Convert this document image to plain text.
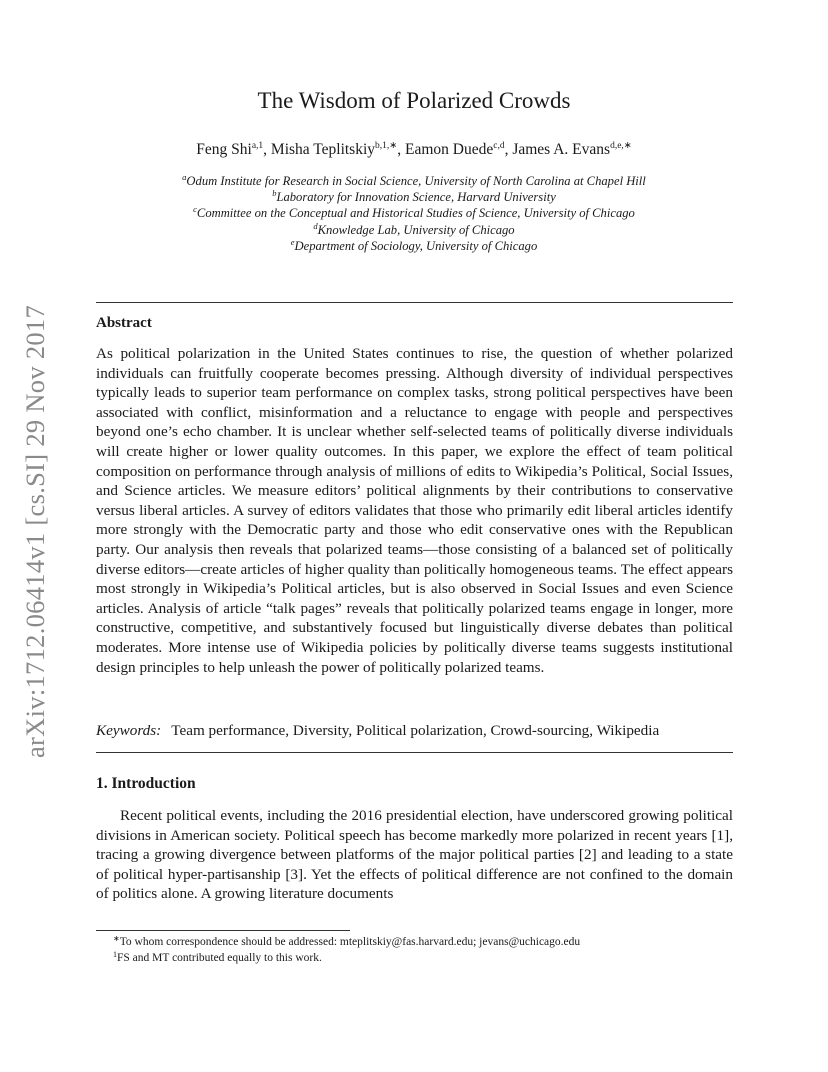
arXiv:1712.06414v1 [cs.SI] 29 Nov 2017
The Wisdom of Polarized Crowds
Feng Shi$^{a,1}$, Misha Teplitskiy$^{b,1,∗}$, Eamon Duede$^{c,d}$, James A. Evans$^{d,e,∗}$
$^a$Odum Institute for Research in Social Science, University of North Carolina at Chapel Hill
$^b$Laboratory for Innovation Science, Harvard University
$^c$Committee on the Conceptual and Historical Studies of Science, University of Chicago
$^d$Knowledge Lab, University of Chicago
$^e$Department of Sociology, University of Chicago
Abstract
As political polarization in the United States continues to rise, the question of whether polarized individuals can fruitfully cooperate becomes pressing. Although diversity of individual perspectives typically leads to superior team performance on complex tasks, strong political perspectives have been associated with conflict, misinformation and a reluctance to engage with people and perspectives beyond one’s echo chamber. It is unclear whether self-selected teams of politically diverse individuals will create higher or lower quality outcomes. In this paper, we explore the effect of team political composition on performance through analysis of millions of edits to Wikipedia’s Political, Social Issues, and Science articles. We measure editors’ political alignments by their contributions to conservative versus liberal articles. A survey of editors validates that those who primarily edit liberal articles identify more strongly with the Democratic party and those who edit conservative ones with the Republican party. Our analysis then reveals that polarized teams—those consisting of a balanced set of politically diverse editors—create articles of higher quality than politically homogeneous teams. The effect appears most strongly in Wikipedia’s Political articles, but is also observed in Social Issues and even Science articles. Analysis of article “talk pages” reveals that politically polarized teams engage in longer, more constructive, competitive, and substantively focused but linguistically diverse debates than political moderates. More intense use of Wikipedia policies by politically diverse teams suggests institutional design principles to help unleash the power of politically polarized teams.
Keywords: Team performance, Diversity, Political polarization, Crowd-sourcing, Wikipedia
1. Introduction
Recent political events, including the 2016 presidential election, have underscored growing political divisions in American society. Political speech has become markedly more polarized in recent years [1], tracing a growing divergence between platforms of the major political parties [2] and leading to a state of political hyper-partisanship [3]. Yet the effects of political difference are not confined to the domain of politics alone. A growing literature documents
∗To whom correspondence should be addressed: mteplitskiy@fas.harvard.edu; jevans@uchicago.edu
$^1$FS and MT contributed equally to this work.
